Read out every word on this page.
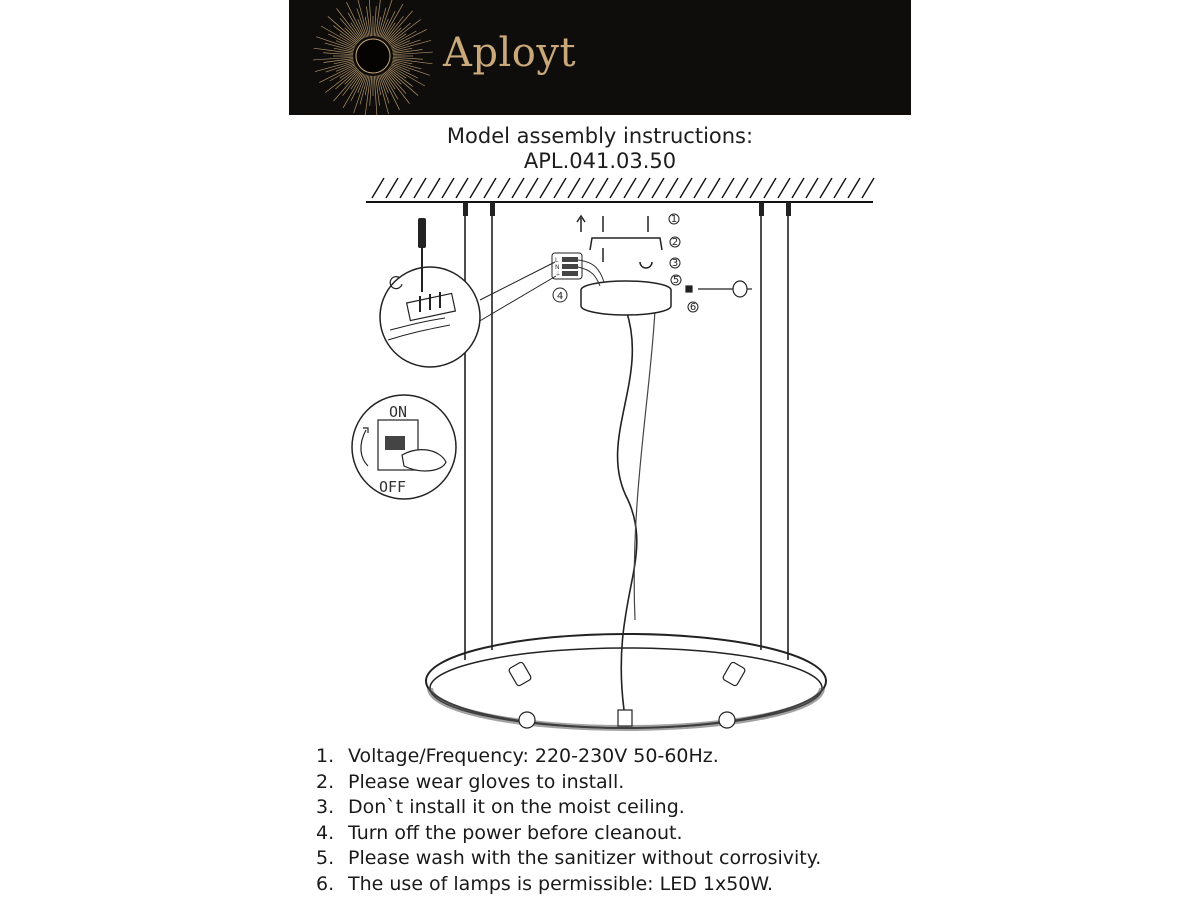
Aployt
Model assembly instructions:
APL.041.03.50
1
2
3
4
5
6
L
N
⏚
ON
OFF
1. Voltage/Frequency: 220-230V 50-60Hz.
2. Please wear gloves to install.
3. Don`t install it on the moist ceiling.
4. Turn off the power before cleanout.
5. Please wash with the sanitizer without corrosivity.
6. The use of lamps is permissible: LED 1x50W.
